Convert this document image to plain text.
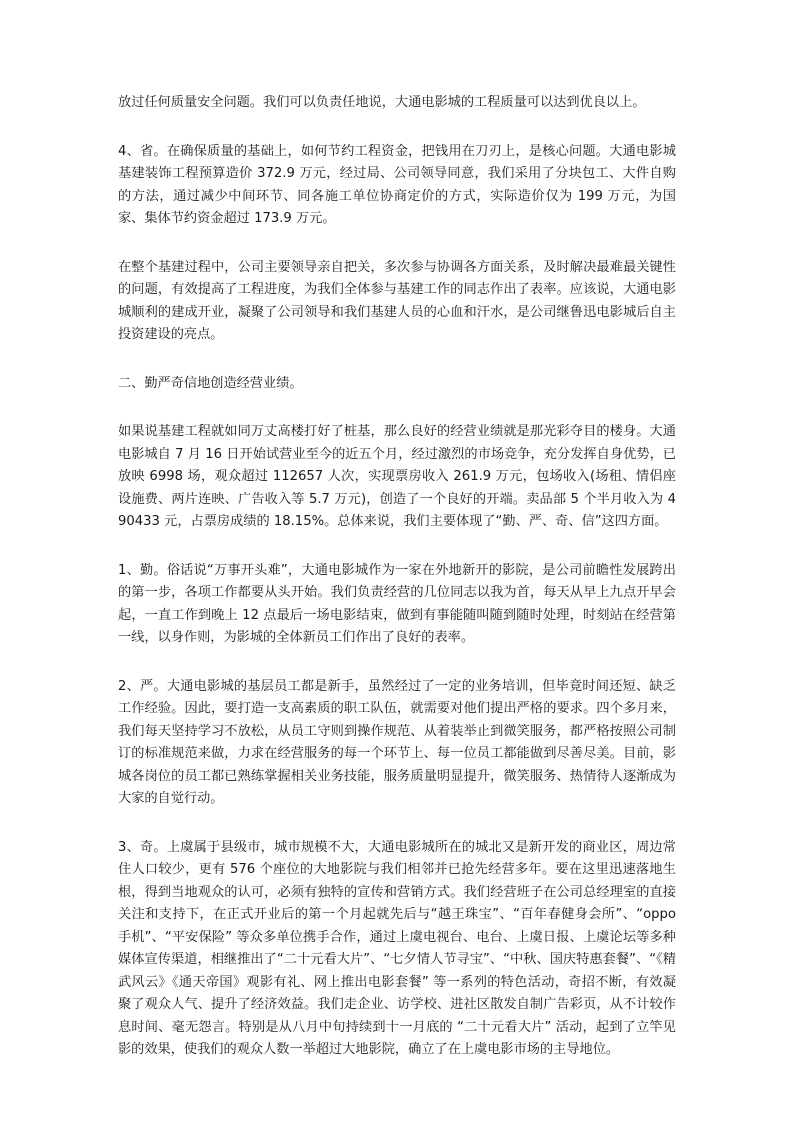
放过任何质量安全问题。我们可以负责任地说，大通电影城的工程质量可以达到优良以上。

4、省。在确保质量的基础上，如何节约工程资金，把钱用在刀刃上，是核心问题。大通电影城基建装饰工程预算造价 372.9 万元，经过局、公司领导同意，我们采用了分块包工、大件自购的方法，通过减少中间环节、同各施工单位协商定价的方式，实际造价仅为 199 万元，为国家、集体节约资金超过 173.9 万元。

在整个基建过程中，公司主要领导亲自把关，多次参与协调各方面关系，及时解决最难最关键性的问题，有效提高了工程进度，为我们全体参与基建工作的同志作出了表率。应该说，大通电影城顺利的建成开业，凝聚了公司领导和我们基建人员的心血和汗水，是公司继鲁迅电影城后自主投资建设的亮点。

二、勤严奇信地创造经营业绩。

如果说基建工程就如同万丈高楼打好了桩基，那么良好的经营业绩就是那光彩夺目的楼身。大通电影城自 7 月 16 日开始试营业至今的近五个月，经过激烈的市场竞争，充分发挥自身优势，已放映 6998 场，观众超过 112657 人次，实现票房收入 261.9 万元，包场收入(场租、情侣座设施费、两片连映、广告收入等 5.7 万元)，创造了一个良好的开端。卖品部 5 个半月收入为 490433 元，占票房成绩的 18.15%。总体来说，我们主要体现了“勤、严、奇、信”这四方面。

1、勤。俗话说“万事开头难”，大通电影城作为一家在外地新开的影院，是公司前瞻性发展跨出的第一步，各项工作都要从头开始。我们负责经营的几位同志以我为首，每天从早上九点开早会起，一直工作到晚上 12 点最后一场电影结束，做到有事能随叫随到随时处理，时刻站在经营第一线，以身作则，为影城的全体新员工们作出了良好的表率。

2、严。大通电影城的基层员工都是新手，虽然经过了一定的业务培训，但毕竟时间还短、缺乏工作经验。因此，要打造一支高素质的职工队伍，就需要对他们提出严格的要求。四个多月来，我们每天坚持学习不放松，从员工守则到操作规范、从着装举止到微笑服务，都严格按照公司制订的标准规范来做，力求在经营服务的每一个环节上、每一位员工都能做到尽善尽美。目前，影城各岗位的员工都已熟练掌握相关业务技能，服务质量明显提升，微笑服务、热情待人逐渐成为大家的自觉行动。

3、奇。上虞属于县级市，城市规模不大，大通电影城所在的城北又是新开发的商业区，周边常住人口较少，更有 576 个座位的大地影院与我们相邻并已抢先经营多年。要在这里迅速落地生根，得到当地观众的认可，必须有独特的宣传和营销方式。我们经营班子在公司总经理室的直接关注和支持下，在正式开业后的第一个月起就先后与“越王珠宝”、“百年春健身会所”、“oppo 手机”、“平安保险” 等众多单位携手合作，通过上虞电视台、电台、上虞日报、上虞论坛等多种媒体宣传渠道，相继推出了“二十元看大片”、“七夕情人节寻宝”、“中秋、国庆特惠套餐”、“《精武风云》《通天帝国》观影有礼、网上推出电影套餐” 等一系列的特色活动，奇招不断，有效凝聚了观众人气、提升了经济效益。我们走企业、访学校、进社区散发自制广告彩页，从不计较作息时间、毫无怨言。特别是从八月中旬持续到十一月底的 “二十元看大片” 活动，起到了立竿见影的效果，使我们的观众人数一举超过大地影院，确立了在上虞电影市场的主导地位。
